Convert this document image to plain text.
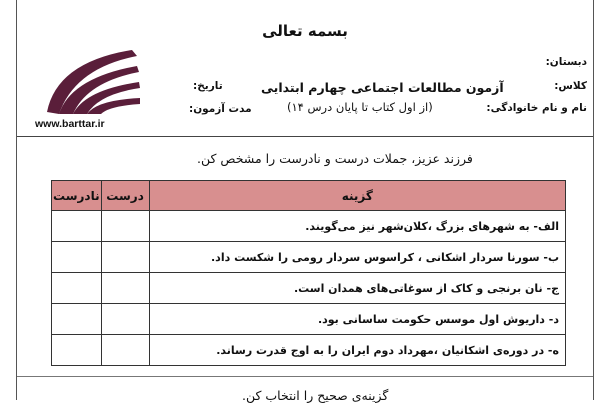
بسمه تعالی
دبستان:
کلاس:
نام و نام خانوادگی:
آزمون مطالعات اجتماعی چهارم ابتدایی
(از اول کتاب تا پایان درس ۱۴)
تاریخ:
مدت آزمون:
www.barttar.ir
فرزند عزیز، جملات درست و نادرست را مشخص کن.
گزینه	درست	نادرست
الف- به شهرهای بزرگ ،کلان‌شهر نیز می‌گویند.		
ب- سورنا سردار اشکانی ، کراسوس سردار رومی را شکست داد.		
ج- نان برنجی و کاک از سوغاتی‌های همدان است.		
د- داریوش اول موسس حکومت ساسانی بود.		
ه- در دوره‌ی اشکانیان ،مهرداد دوم ایران را به اوج قدرت رساند.		
گزینه‌ی صحیح را انتخاب کن.
